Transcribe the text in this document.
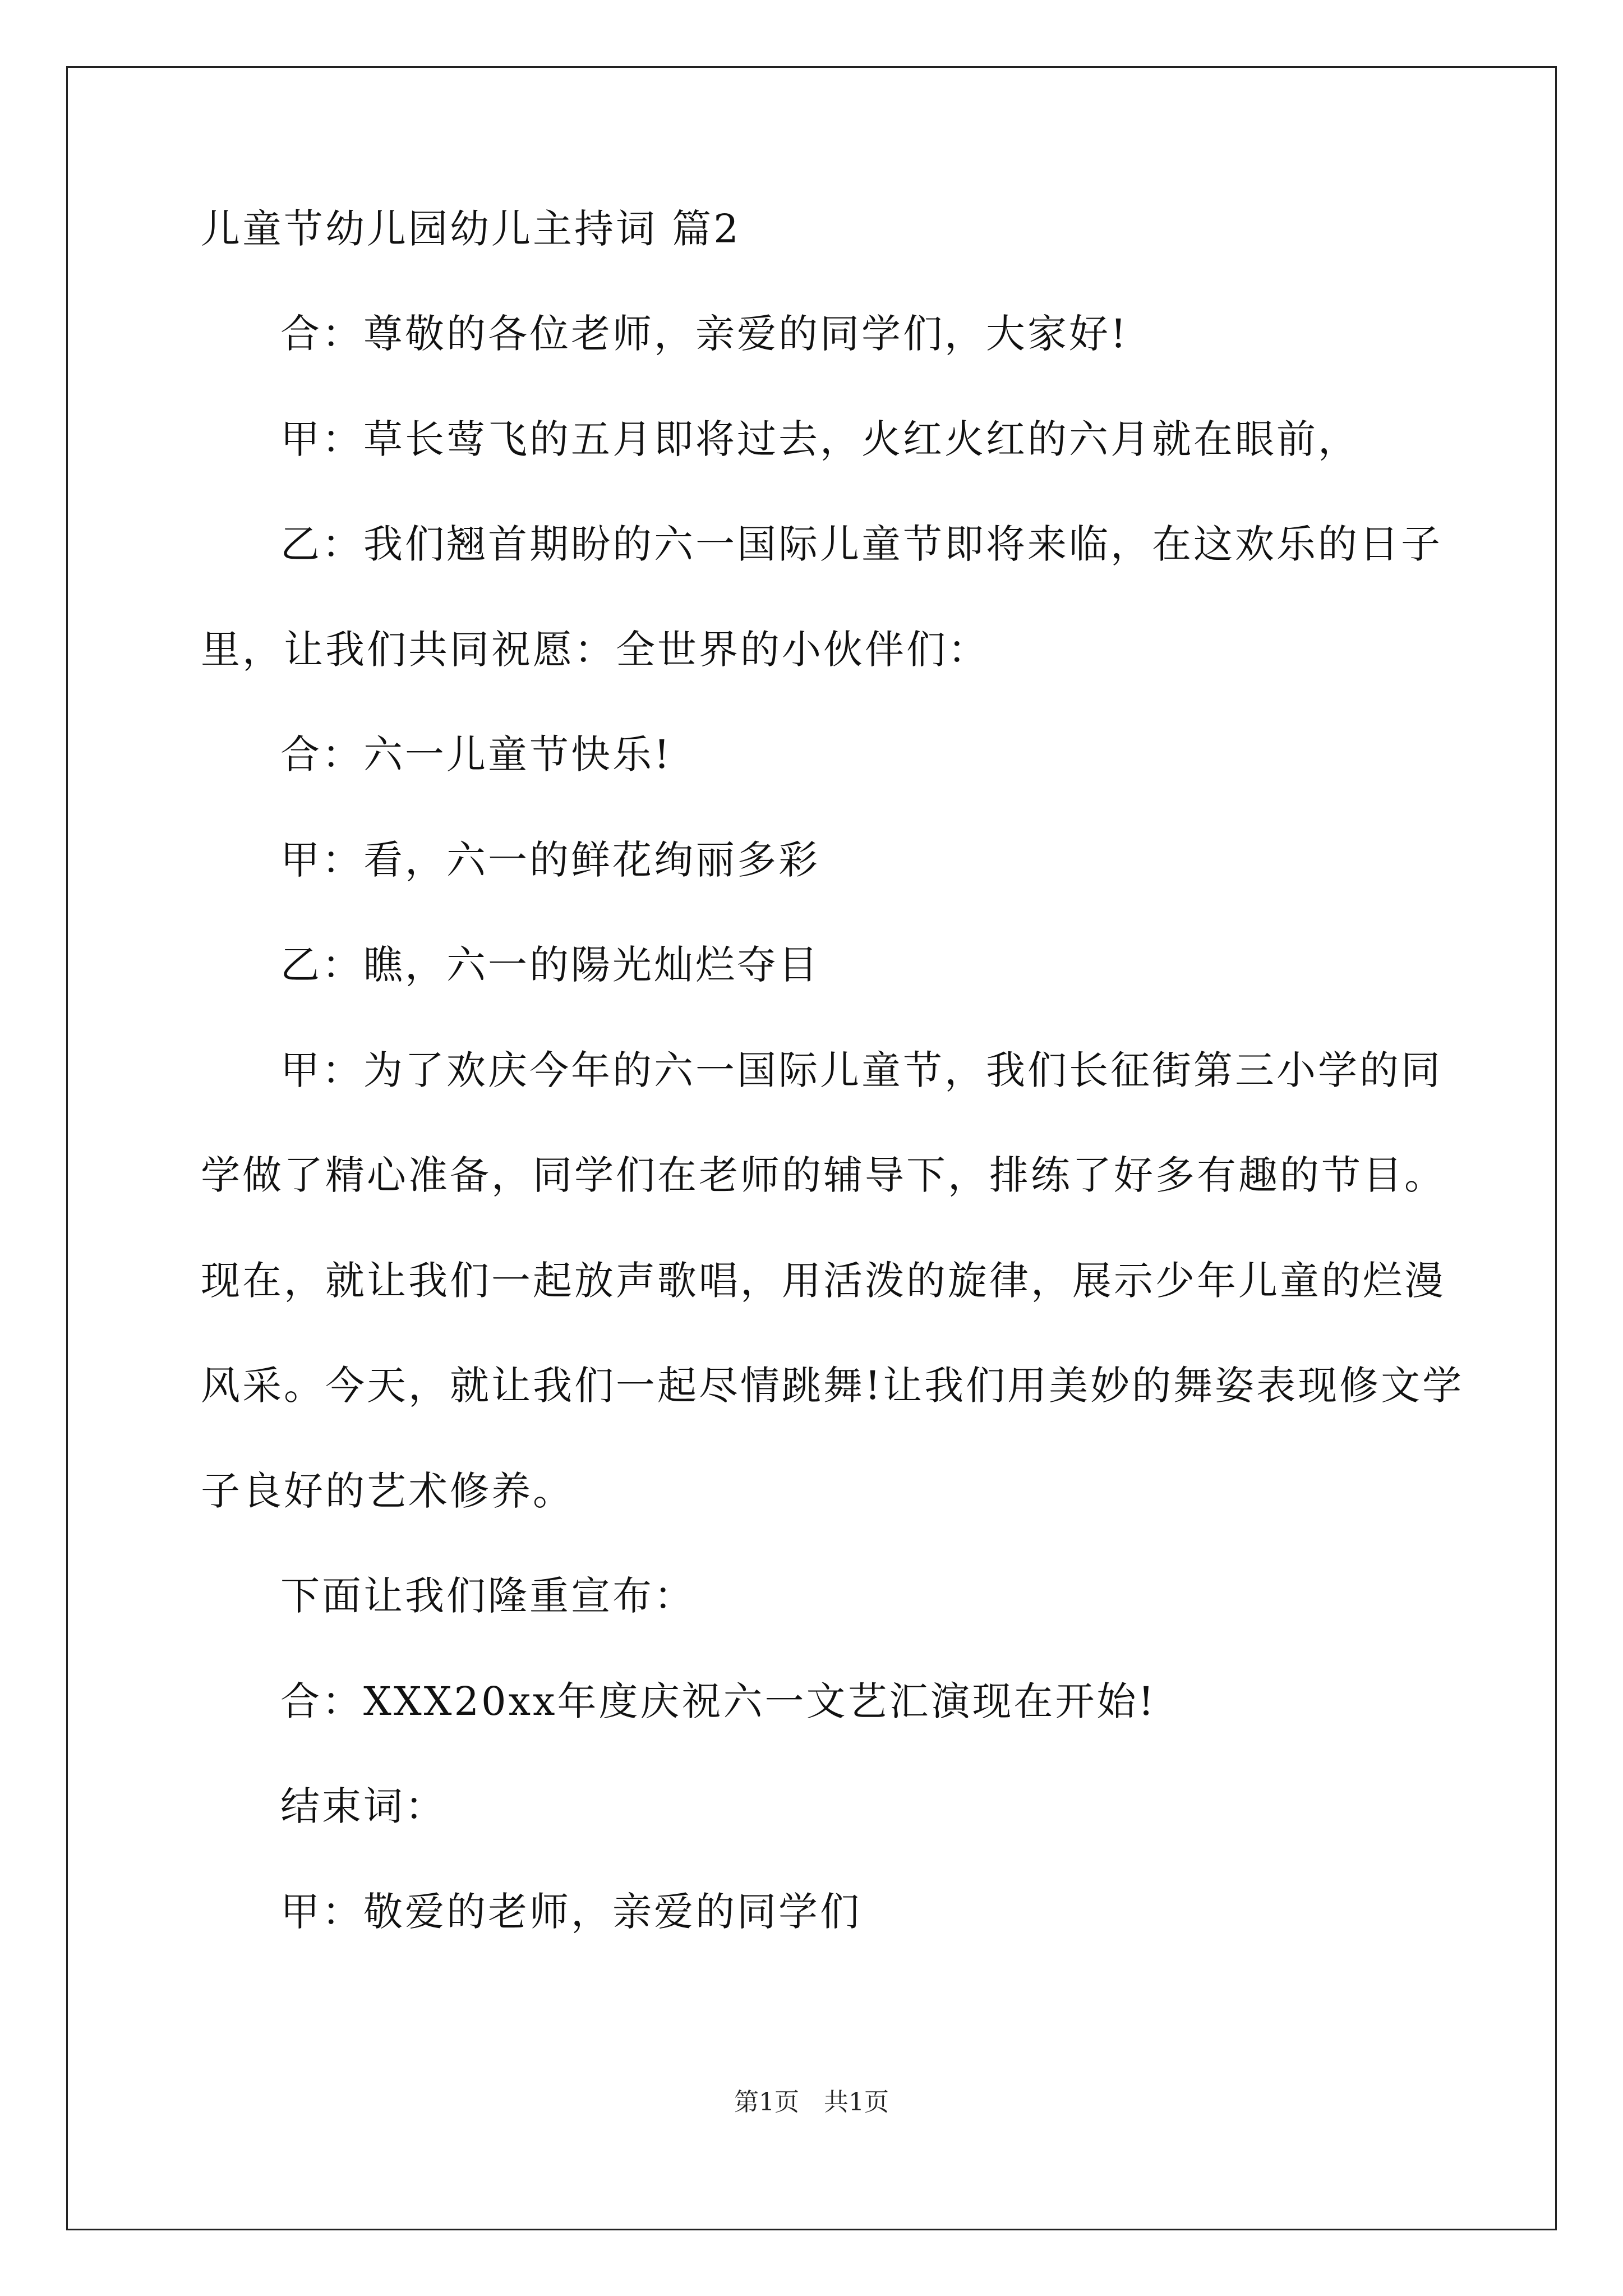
儿童节幼儿园幼儿主持词 篇2
合：尊敬的各位老师，亲爱的同学们，大家好!
甲：草长莺飞的五月即将过去，火红火红的六月就在眼前，
乙：我们翘首期盼的六一国际儿童节即将来临，在这欢乐的日子
里，让我们共同祝愿：全世界的小伙伴们：
合：六一儿童节快乐!
甲：看，六一的鲜花绚丽多彩
乙：瞧，六一的陽光灿烂夺目
甲：为了欢庆今年的六一国际儿童节，我们长征街第三小学的同
学做了精心准备，同学们在老师的辅导下，排练了好多有趣的节目。
现在，就让我们一起放声歌唱，用活泼的旋律，展示少年儿童的烂漫
风采。今天，就让我们一起尽情跳舞!让我们用美妙的舞姿表现修文学
子良好的艺术修养。
下面让我们隆重宣布：
合：XXX20xx年度庆祝六一文艺汇演现在开始!
结束词：
甲：敬爱的老师，亲爱的同学们
第1页　共1页
